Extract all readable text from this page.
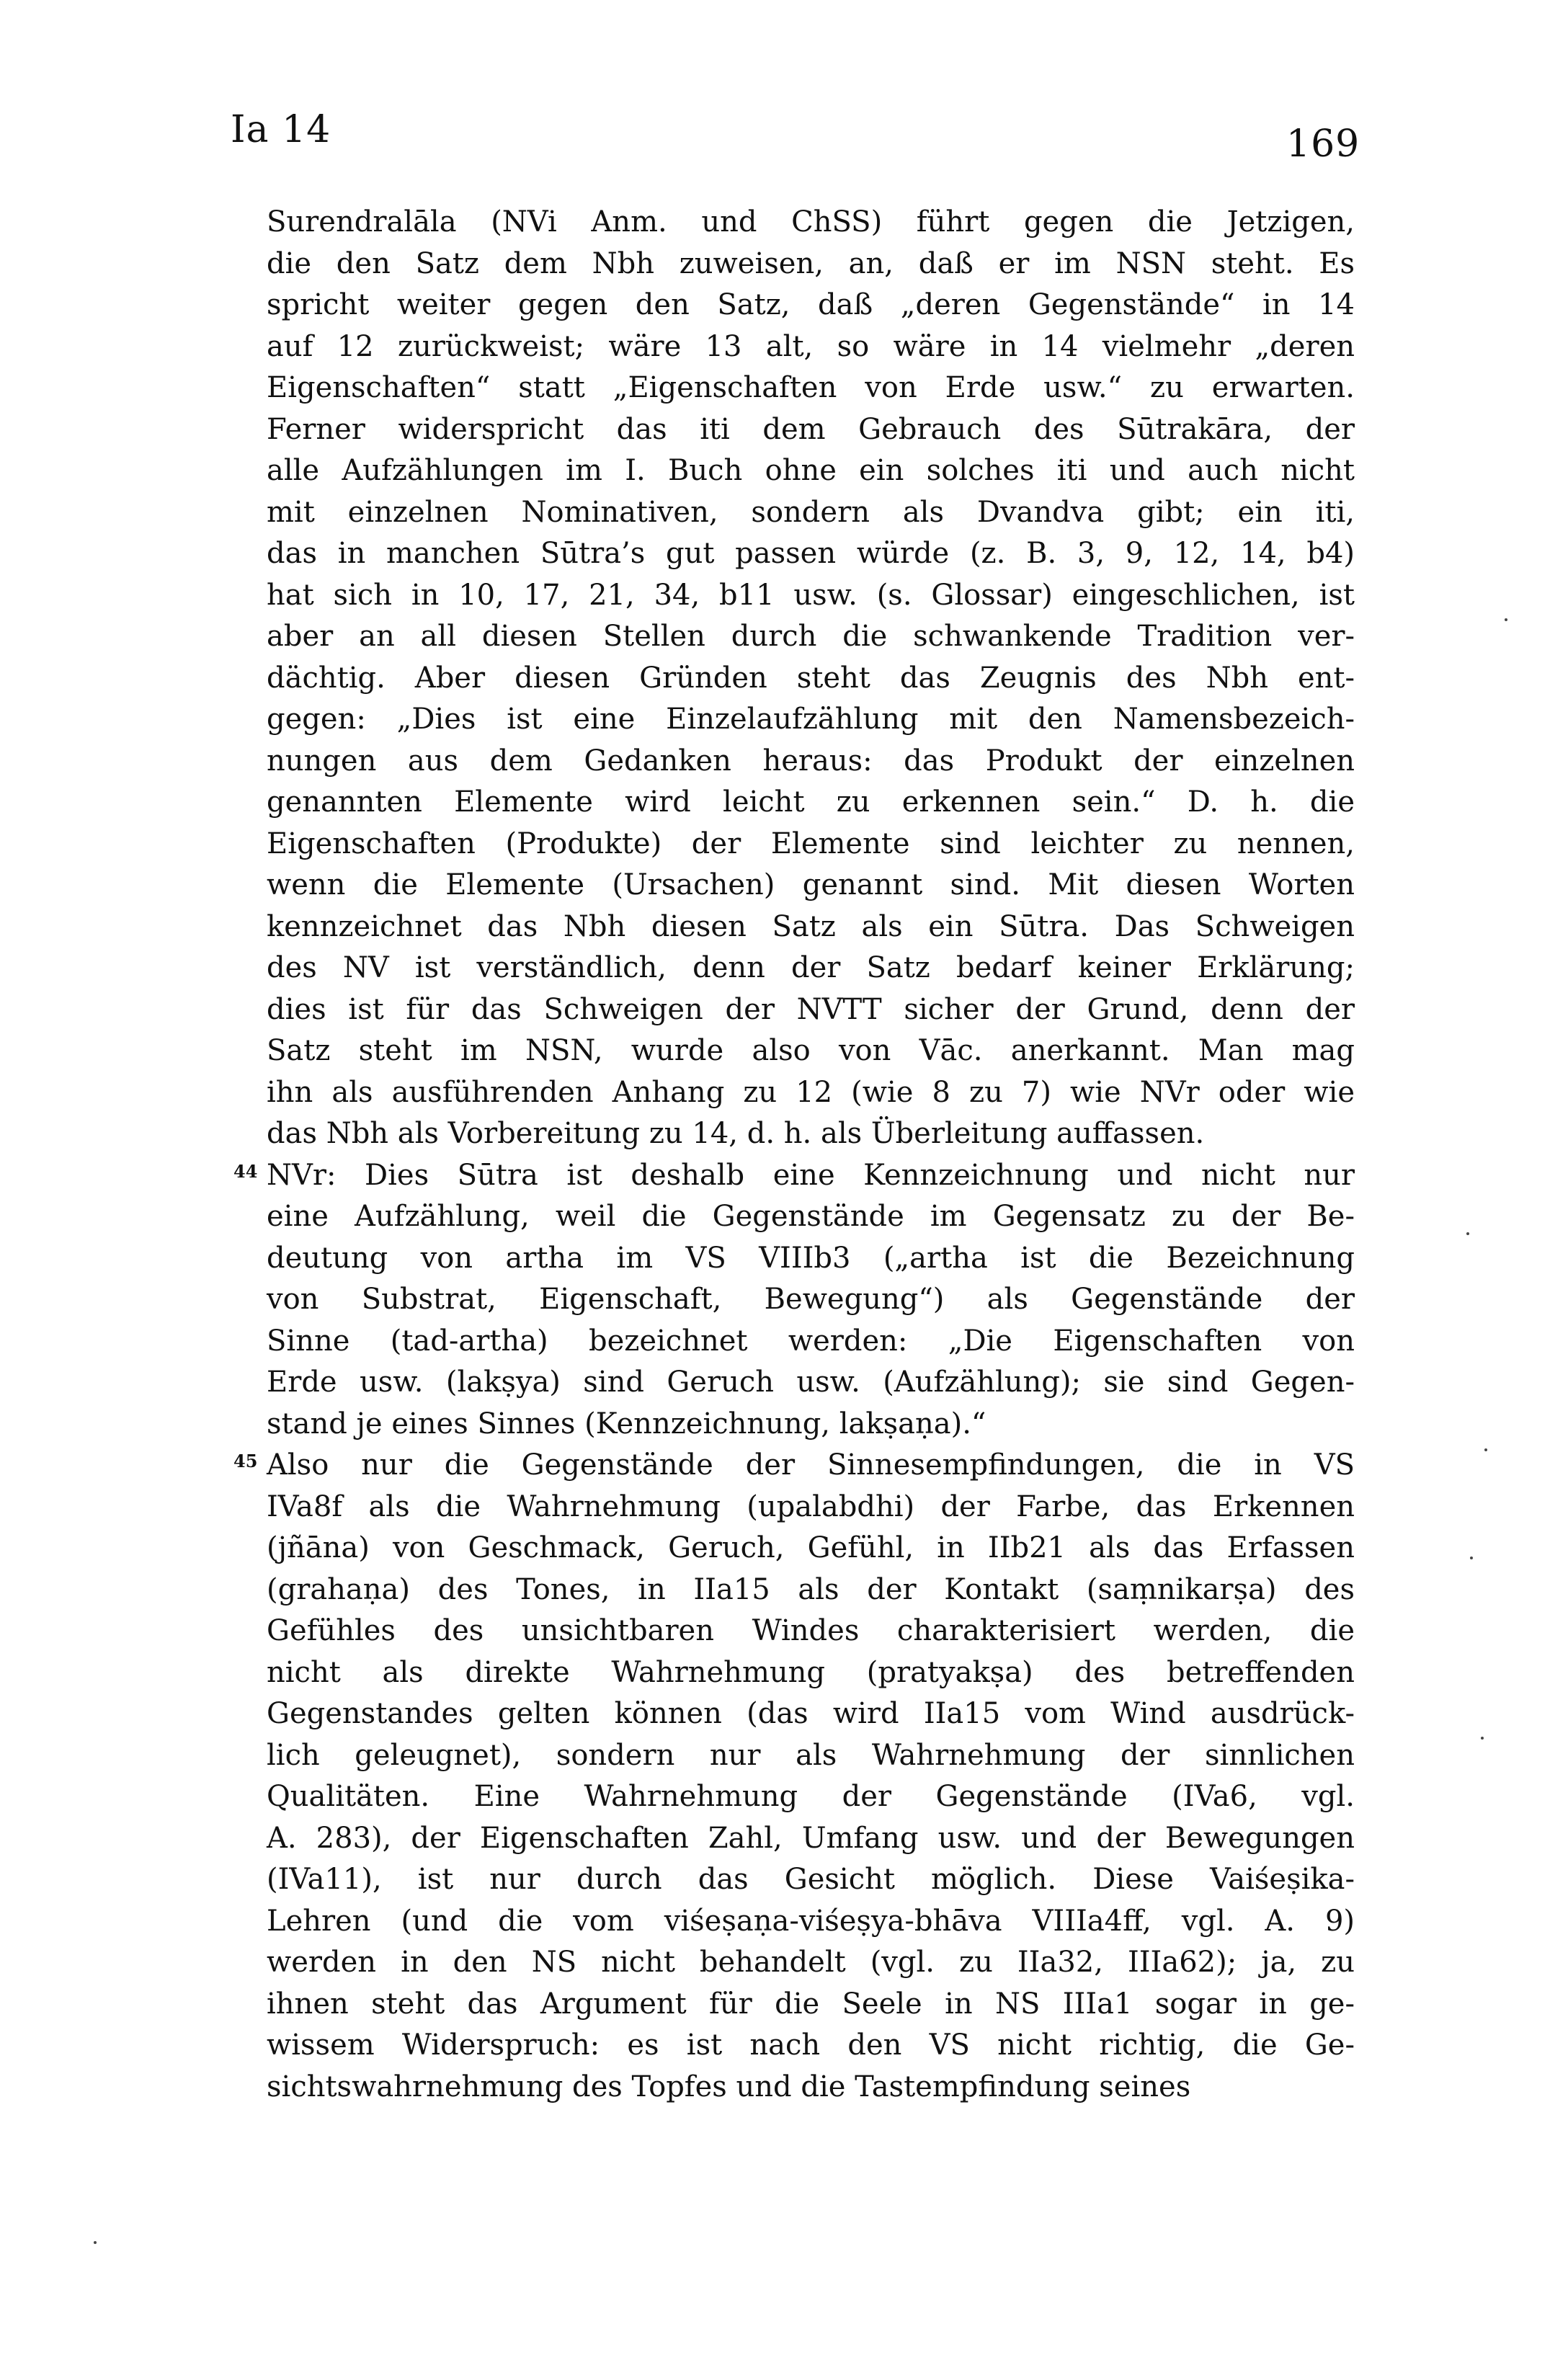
Ia 14	169
Surendralāla (NVi Anm. und ChSS) führt gegen die Jetzigen,
die den Satz dem Nbh zuweisen, an, daß er im NSN steht. Es
spricht weiter gegen den Satz, daß „deren Gegenstände“ in 14
auf 12 zurückweist; wäre 13 alt, so wäre in 14 vielmehr „deren
Eigenschaften“ statt „Eigenschaften von Erde usw.“ zu erwarten.
Ferner widerspricht das iti dem Gebrauch des Sūtrakāra, der
alle Aufzählungen im I. Buch ohne ein solches iti und auch nicht
mit einzelnen Nominativen, sondern als Dvandva gibt; ein iti,
das in manchen Sūtra’s gut passen würde (z. B. 3, 9, 12, 14, b4)
hat sich in 10, 17, 21, 34, b11 usw. (s. Glossar) eingeschlichen, ist
aber an all diesen Stellen durch die schwankende Tradition ver-
dächtig. Aber diesen Gründen steht das Zeugnis des Nbh ent-
gegen: „Dies ist eine Einzelaufzählung mit den Namensbezeich-
nungen aus dem Gedanken heraus: das Produkt der einzelnen
genannten Elemente wird leicht zu erkennen sein.“ D. h. die
Eigenschaften (Produkte) der Elemente sind leichter zu nennen,
wenn die Elemente (Ursachen) genannt sind. Mit diesen Worten
kennzeichnet das Nbh diesen Satz als ein Sūtra. Das Schweigen
des NV ist verständlich, denn der Satz bedarf keiner Erklärung;
dies ist für das Schweigen der NVTT sicher der Grund, denn der
Satz steht im NSN, wurde also von Vāc. anerkannt. Man mag
ihn als ausführenden Anhang zu 12 (wie 8 zu 7) wie NVr oder wie
das Nbh als Vorbereitung zu 14, d. h. als Überleitung auffassen.
44 NVr: Dies Sūtra ist deshalb eine Kennzeichnung und nicht nur
eine Aufzählung, weil die Gegenstände im Gegensatz zu der Be-
deutung von artha im VS VIIIb3 („artha ist die Bezeichnung
von Substrat, Eigenschaft, Bewegung“) als Gegenstände der
Sinne (tad-artha) bezeichnet werden: „Die Eigenschaften von
Erde usw. (lakṣya) sind Geruch usw. (Aufzählung); sie sind Gegen-
stand je eines Sinnes (Kennzeichnung, lakṣaṇa).“
45 Also nur die Gegenstände der Sinnesempfindungen, die in VS
IVa8f als die Wahrnehmung (upalabdhi) der Farbe, das Erkennen
(jñāna) von Geschmack, Geruch, Gefühl, in IIb21 als das Erfassen
(grahaṇa) des Tones, in IIa15 als der Kontakt (saṃnikarṣa) des
Gefühles des unsichtbaren Windes charakterisiert werden, die
nicht als direkte Wahrnehmung (pratyakṣa) des betreffenden
Gegenstandes gelten können (das wird IIa15 vom Wind ausdrück-
lich geleugnet), sondern nur als Wahrnehmung der sinnlichen
Qualitäten. Eine Wahrnehmung der Gegenstände (IVa6, vgl.
A. 283), der Eigenschaften Zahl, Umfang usw. und der Bewegungen
(IVa11), ist nur durch das Gesicht möglich. Diese Vaiśeṣika-
Lehren (und die vom viśeṣaṇa-viśeṣya-bhāva VIIIa4ff, vgl. A. 9)
werden in den NS nicht behandelt (vgl. zu IIa32, IIIa62); ja, zu
ihnen steht das Argument für die Seele in NS IIIa1 sogar in ge-
wissem Widerspruch: es ist nach den VS nicht richtig, die Ge-
sichtswahrnehmung des Topfes und die Tastempfindung seines
